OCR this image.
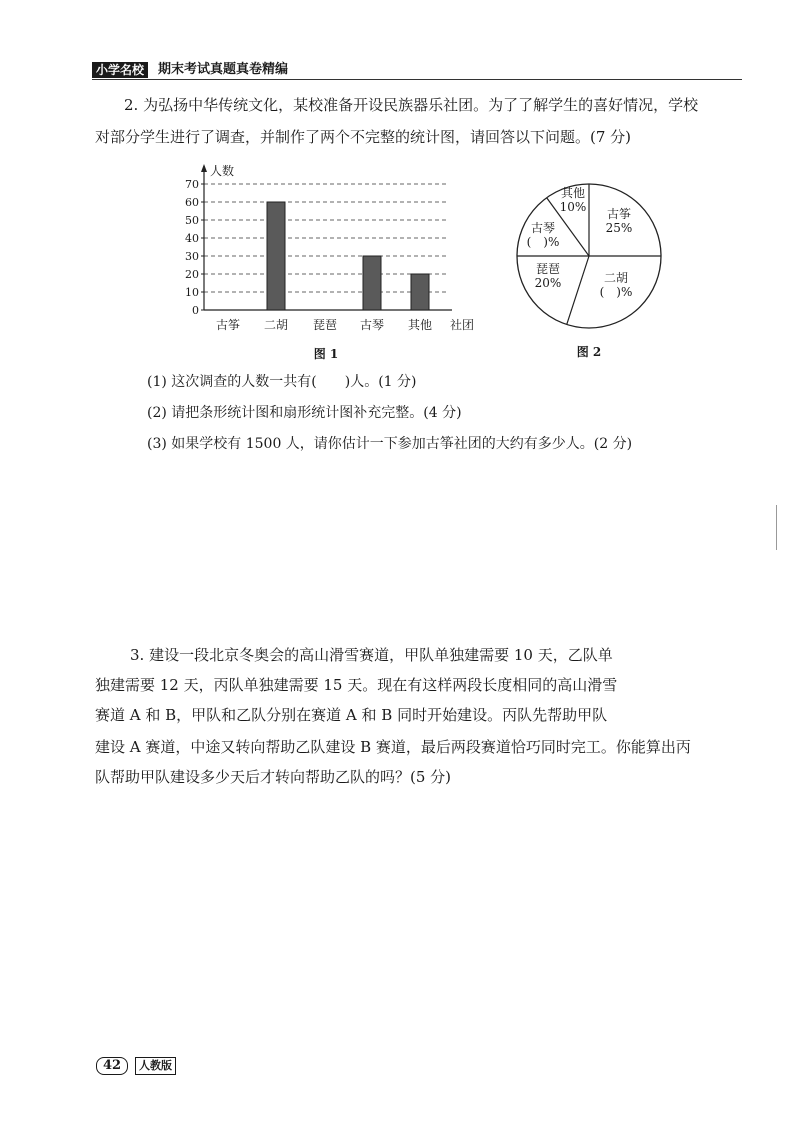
小学名校	期末考试真题真卷精编
2. 为弘扬中华传统文化，某校准备开设民族器乐社团。为了了解学生的喜好情况，学校
对部分学生进行了调查，并制作了两个不完整的统计图，请回答以下问题。(7 分)
0
10
20
30
40
50
60
70
人数
社团
古筝 二胡 琵琶 古琴 其他
图 1
古筝
25%
二胡
(　)%
琵琶
20%
古琴
(　)%
其他
10%
图 2
(1) 这次调查的人数一共有(　　)人。(1 分)
(2) 请把条形统计图和扇形统计图补充完整。(4 分)
(3) 如果学校有 1500 人，请你估计一下参加古筝社团的大约有多少人。(2 分)
3. 建设一段北京冬奥会的高山滑雪赛道，甲队单独建需要 10 天，乙队单
独建需要 12 天，丙队单独建需要 15 天。现在有这样两段长度相同的高山滑雪
赛道 A 和 B，甲队和乙队分别在赛道 A 和 B 同时开始建设。丙队先帮助甲队
建设 A 赛道，中途又转向帮助乙队建设 B 赛道，最后两段赛道恰巧同时完工。你能算出丙
队帮助甲队建设多少天后才转向帮助乙队的吗？(5 分)
42	人教版
